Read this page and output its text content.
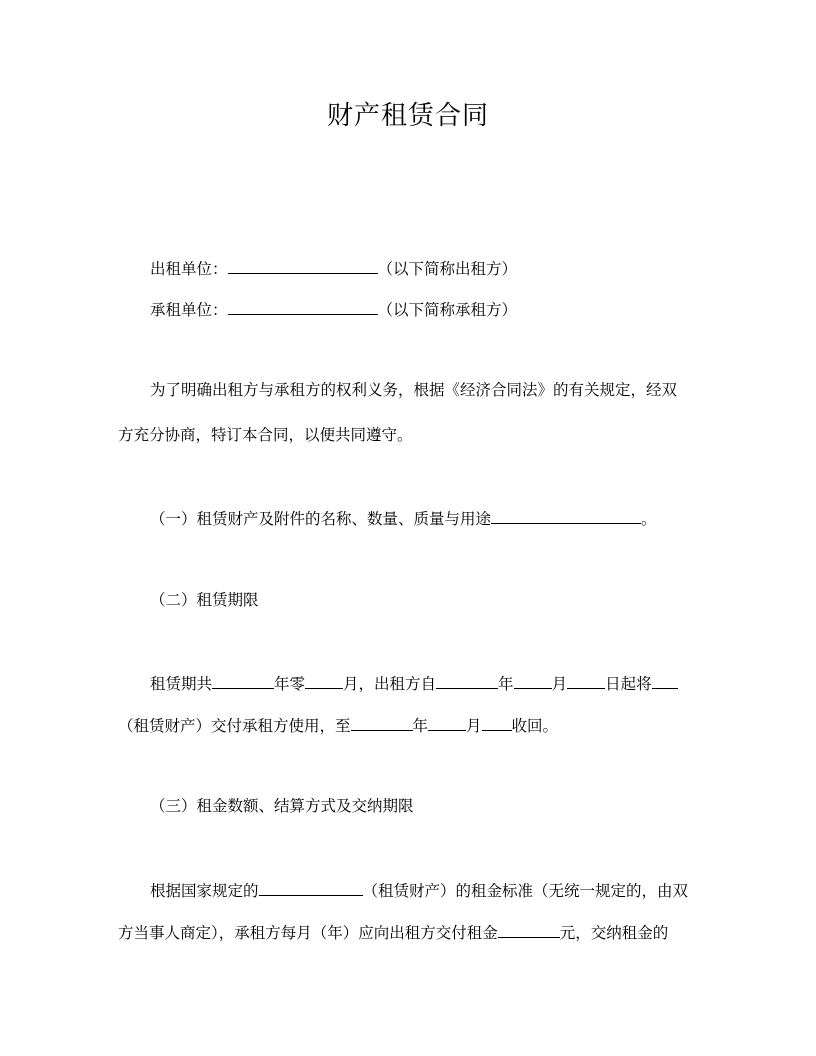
财产租赁合同
出租单位：	（以下简称出租方）
承租单位：	（以下简称承租方）
为了明确出租方与承租方的权利义务，根据《经济合同法》的有关规定，经双
方充分协商，特订本合同，以便共同遵守。
（一）租赁财产及附件的名称、数量、质量与用途	。
（二）租赁期限
租赁期共	年零 月，出租方自	年 月 日起将
（租赁财产）交付承租方使用，至	年 月 收回。
（三）租金数额、结算方式及交纳期限
根据国家规定的	（租赁财产）的租金标准（无统一规定的，由双
方当事人商定），承租方每月（年）应向出租方交付租金	元，交纳租金的
